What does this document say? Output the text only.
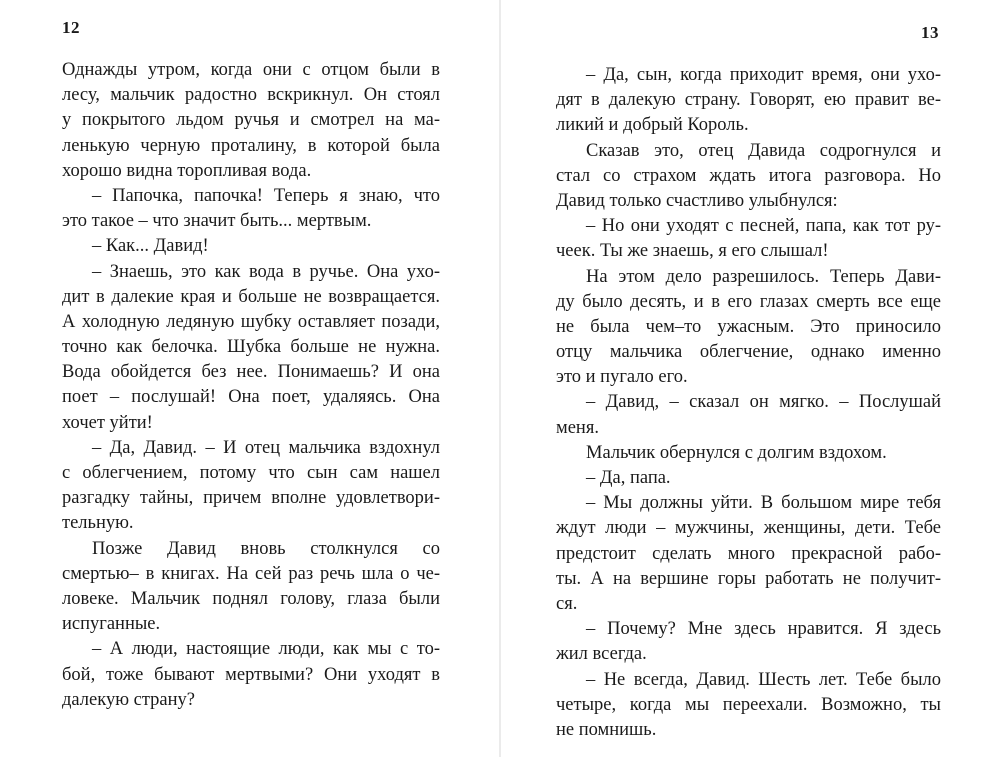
12
Однажды утром, когда они с отцом были в
лесу, мальчик радостно вскрикнул. Он стоял
у покрытого льдом ручья и смотрел на ма-
ленькую черную проталину, в которой была
хорошо видна торопливая вода.
– Папочка, папочка! Теперь я знаю, что
это такое – что значит быть... мертвым.
– Как... Давид!
– Знаешь, это как вода в ручье. Она ухо-
дит в далекие края и больше не возвращается.
А холодную ледяную шубку оставляет позади,
точно как белочка. Шубка больше не нужна.
Вода обойдется без нее. Понимаешь? И она
поет – послушай! Она поет, удаляясь. Она
хочет уйти!
– Да, Давид. – И отец мальчика вздохнул
с облегчением, потому что сын сам нашел
разгадку тайны, причем вполне удовлетвори-
тельную.
Позже Давид вновь столкнулся со
смертью– в книгах. На сей раз речь шла о че-
ловеке. Мальчик поднял голову, глаза были
испуганные.
– А люди, настоящие люди, как мы с то-
бой, тоже бывают мертвыми? Они уходят в
далекую страну?
13
– Да, сын, когда приходит время, они ухо-
дят в далекую страну. Говорят, ею правит ве-
ликий и добрый Король.
Сказав это, отец Давида содрогнулся и
стал со страхом ждать итога разговора. Но
Давид только счастливо улыбнулся:
– Но они уходят с песней, папа, как тот ру-
чеек. Ты же знаешь, я его слышал!
На этом дело разрешилось. Теперь Дави-
ду было десять, и в его глазах смерть все еще
не была чем–то ужасным. Это приносило
отцу мальчика облегчение, однако именно
это и пугало его.
– Давид, – сказал он мягко. – Послушай
меня.
Мальчик обернулся с долгим вздохом.
– Да, папа.
– Мы должны уйти. В большом мире тебя
ждут люди – мужчины, женщины, дети. Тебе
предстоит сделать много прекрасной рабо-
ты. А на вершине горы работать не получит-
ся.
– Почему? Мне здесь нравится. Я здесь
жил всегда.
– Не всегда, Давид. Шесть лет. Тебе было
четыре, когда мы переехали. Возможно, ты
не помнишь.
